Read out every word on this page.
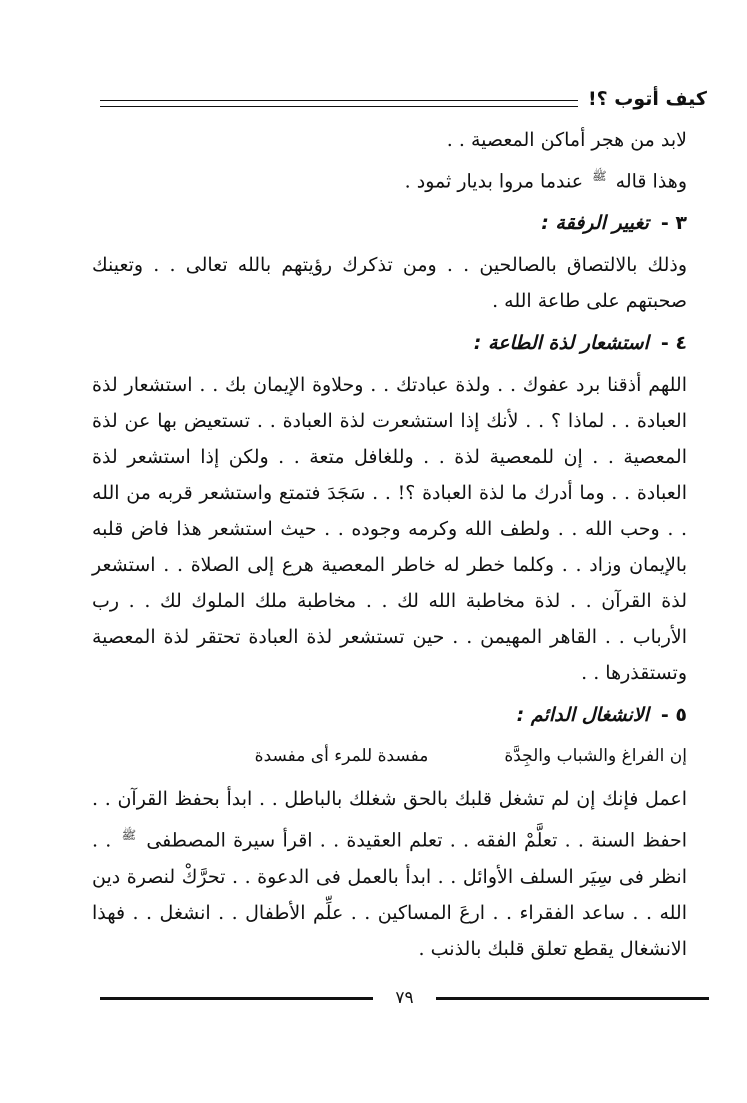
كيف أتوب ؟!

لابد من هجر أماكن المعصية . .

وهذا قاله $^ﷺ$ عندما مروا بديار ثمود .

٣ -تغيير الرفقة :

وذلك بالالتصاق بالصالحين . . ومن تذكرك رؤيتهم بالله تعالى . . وتعينك صحبتهم على طاعة الله .

٤ -استشعار لذة الطاعة :

اللهم أذقنا برد عفوك . . ولذة عبادتك . . وحلاوة الإيمان بك . . استشعار لذة العبادة . . لماذا ؟ . . لأنك إذا استشعرت لذة العبادة . . تستعيض بها عن لذة المعصية . . إن للمعصية لذة . . وللغافل متعة . . ولكن إذا استشعر لذة العبادة . . وما أدرك ما لذة العبادة ؟! . . سَجَدَ فتمتع واستشعر قربه من الله . . وحب الله . . ولطف الله وكرمه وجوده . . حيث استشعر هذا فاض قلبه بالإيمان وزاد . . وكلما خطر له خاطر المعصية هرع إلى الصلاة . . استشعر لذة القرآن . . لذة مخاطبة الله لك . . مخاطبة ملك الملوك لك . . رب الأرباب . . القاهر المهيمن . . حين تستشعر لذة العبادة تحتقر لذة المعصية وتستقذرها . .

٥ -الانشغال الدائم :
إن الفراغ والشباب والجِدَّة
مفسدة للمرء أى مفسدة

اعمل فإنك إن لم تشغل قلبك بالحق شغلك بالباطل . . ابدأ بحفظ القرآن . . احفظ السنة . . تعلَّمْ الفقه . . تعلم العقيدة . . اقرأ سيرة المصطفى $^ﷺ$ . . انظر فى سِيَر السلف الأوائل . . ابدأ بالعمل فى الدعوة . . تحرَّكْ لنصرة دين الله . . ساعد الفقراء . . ارعَ المساكين . . علِّم الأطفال . . انشغل . . فهذا الانشغال يقطع تعلق قلبك بالذنب .

٧٩
